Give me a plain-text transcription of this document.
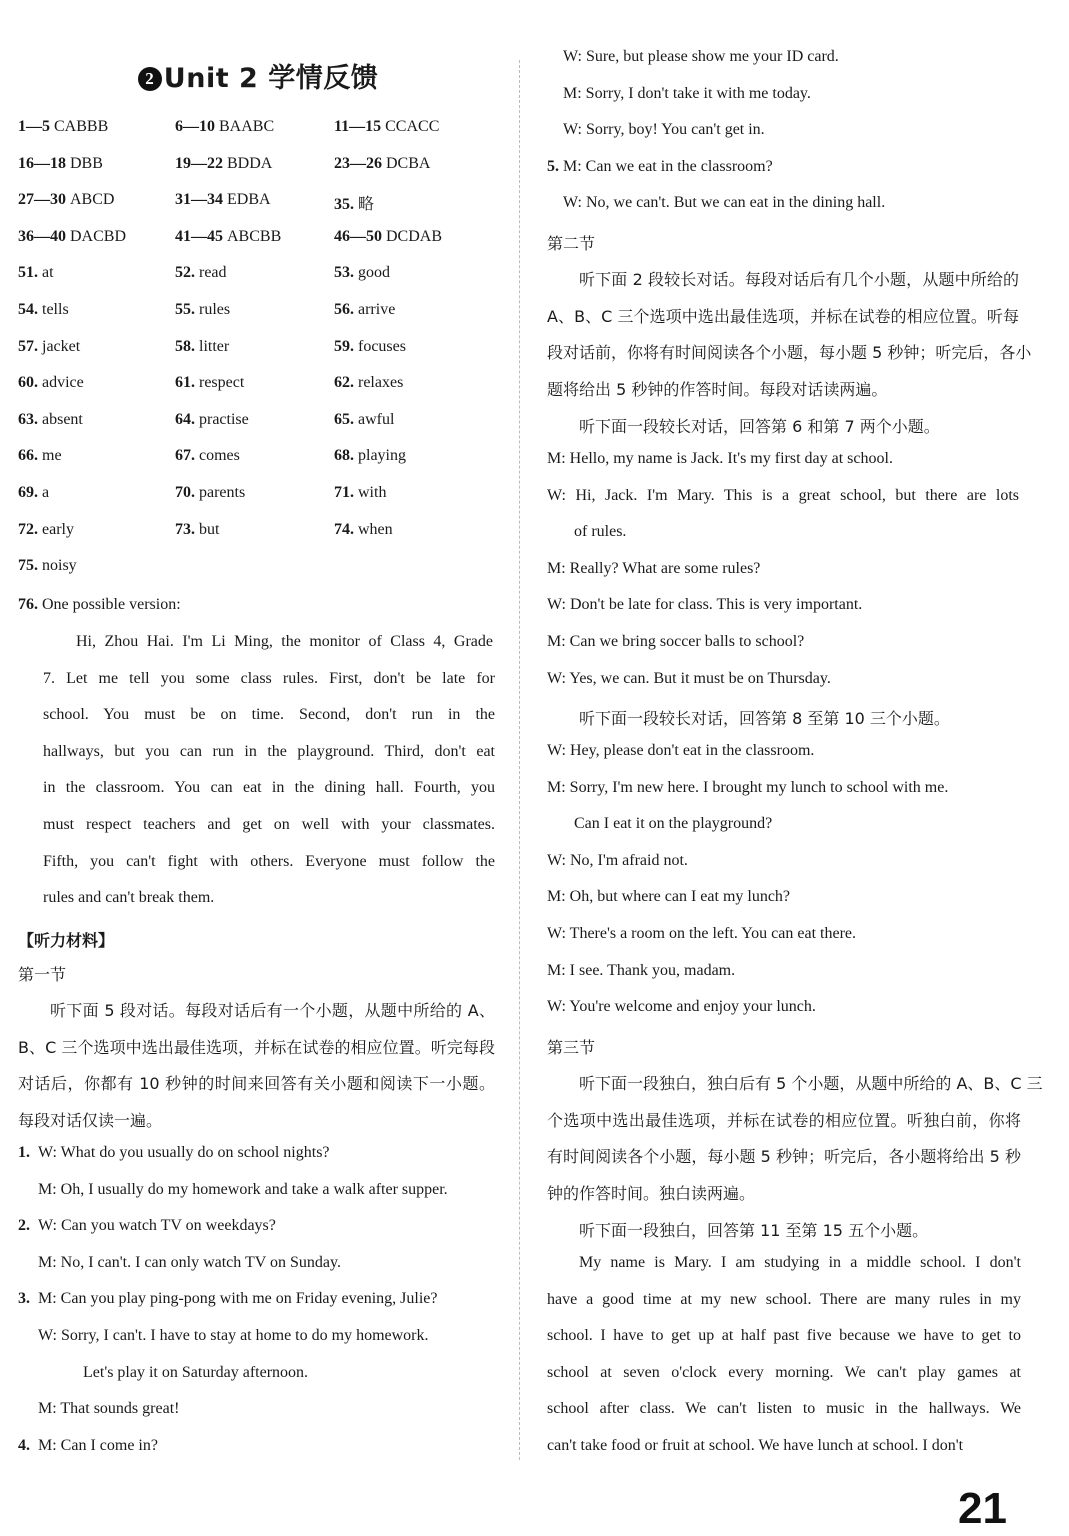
2 Unit 2 学情反馈
1—5 CABBB	6—10 BAABC	11—15 CCACC
16—18 DBB	19—22 BDDA	23—26 DCBA
27—30 ABCD	31—34 EDBA	35. 略
36—40 DACBD	41—45 ABCBB	46—50 DCDAB
51. at	52. read	53. good
54. tells	55. rules	56. arrive
57. jacket	58. litter	59. focuses
60. advice	61. respect	62. relaxes
63. absent	64. practise	65. awful
66. me	67. comes	68. playing
69. a	70. parents	71. with
72. early	73. but	74. when
75. noisy
76. One possible version:
Hi, Zhou Hai. I'm Li Ming, the monitor of Class 4, Grade
7. Let me tell you some class rules. First, don't be late for
school. You must be on time. Second, don't run in the
hallways, but you can run in the playground. Third, don't eat
in the classroom. You can eat in the dining hall. Fourth, you
must respect teachers and get on well with your classmates.
Fifth, you can't fight with others. Everyone must follow the
rules and can't break them.
【听力材料】
第一节
听下面 5 段对话。每段对话后有一个小题，从题中所给的 A、
B、C 三个选项中选出最佳选项，并标在试卷的相应位置。听完每段
对话后，你都有 10 秒钟的时间来回答有关小题和阅读下一小题。
每段对话仅读一遍。
1. W: What do you usually do on school nights?
M: Oh, I usually do my homework and take a walk after supper.
2. W: Can you watch TV on weekdays?
M: No, I can't. I can only watch TV on Sunday.
3. M: Can you play ping-pong with me on Friday evening, Julie?
W: Sorry, I can't. I have to stay at home to do my homework.
Let's play it on Saturday afternoon.
M: That sounds great!
4. M: Can I come in?
W: Sure, but please show me your ID card.
M: Sorry, I don't take it with me today.
W: Sorry, boy! You can't get in.
5. M: Can we eat in the classroom?
W: No, we can't. But we can eat in the dining hall.
第二节
听下面 2 段较长对话。每段对话后有几个小题，从题中所给的
A、B、C 三个选项中选出最佳选项，并标在试卷的相应位置。听每
段对话前，你将有时间阅读各个小题，每小题 5 秒钟；听完后，各小
题将给出 5 秒钟的作答时间。每段对话读两遍。
听下面一段较长对话，回答第 6 和第 7 两个小题。
M: Hello, my name is Jack. It's my first day at school.
W: Hi, Jack. I'm Mary. This is a great school, but there are lots
of rules.
M: Really? What are some rules?
W: Don't be late for class. This is very important.
M: Can we bring soccer balls to school?
W: Yes, we can. But it must be on Thursday.
听下面一段较长对话，回答第 8 至第 10 三个小题。
W: Hey, please don't eat in the classroom.
M: Sorry, I'm new here. I brought my lunch to school with me.
Can I eat it on the playground?
W: No, I'm afraid not.
M: Oh, but where can I eat my lunch?
W: There's a room on the left. You can eat there.
M: I see. Thank you, madam.
W: You're welcome and enjoy your lunch.
第三节
听下面一段独白，独白后有 5 个小题，从题中所给的 A、B、C 三
个选项中选出最佳选项，并标在试卷的相应位置。听独白前，你将
有时间阅读各个小题，每小题 5 秒钟；听完后，各小题将给出 5 秒
钟的作答时间。独白读两遍。
听下面一段独白，回答第 11 至第 15 五个小题。
My name is Mary. I am studying in a middle school. I don't
have a good time at my new school. There are many rules in my
school. I have to get up at half past five because we have to get to
school at seven o'clock every morning. We can't play games at
school after class. We can't listen to music in the hallways. We
can't take food or fruit at school. We have lunch at school. I don't
21
